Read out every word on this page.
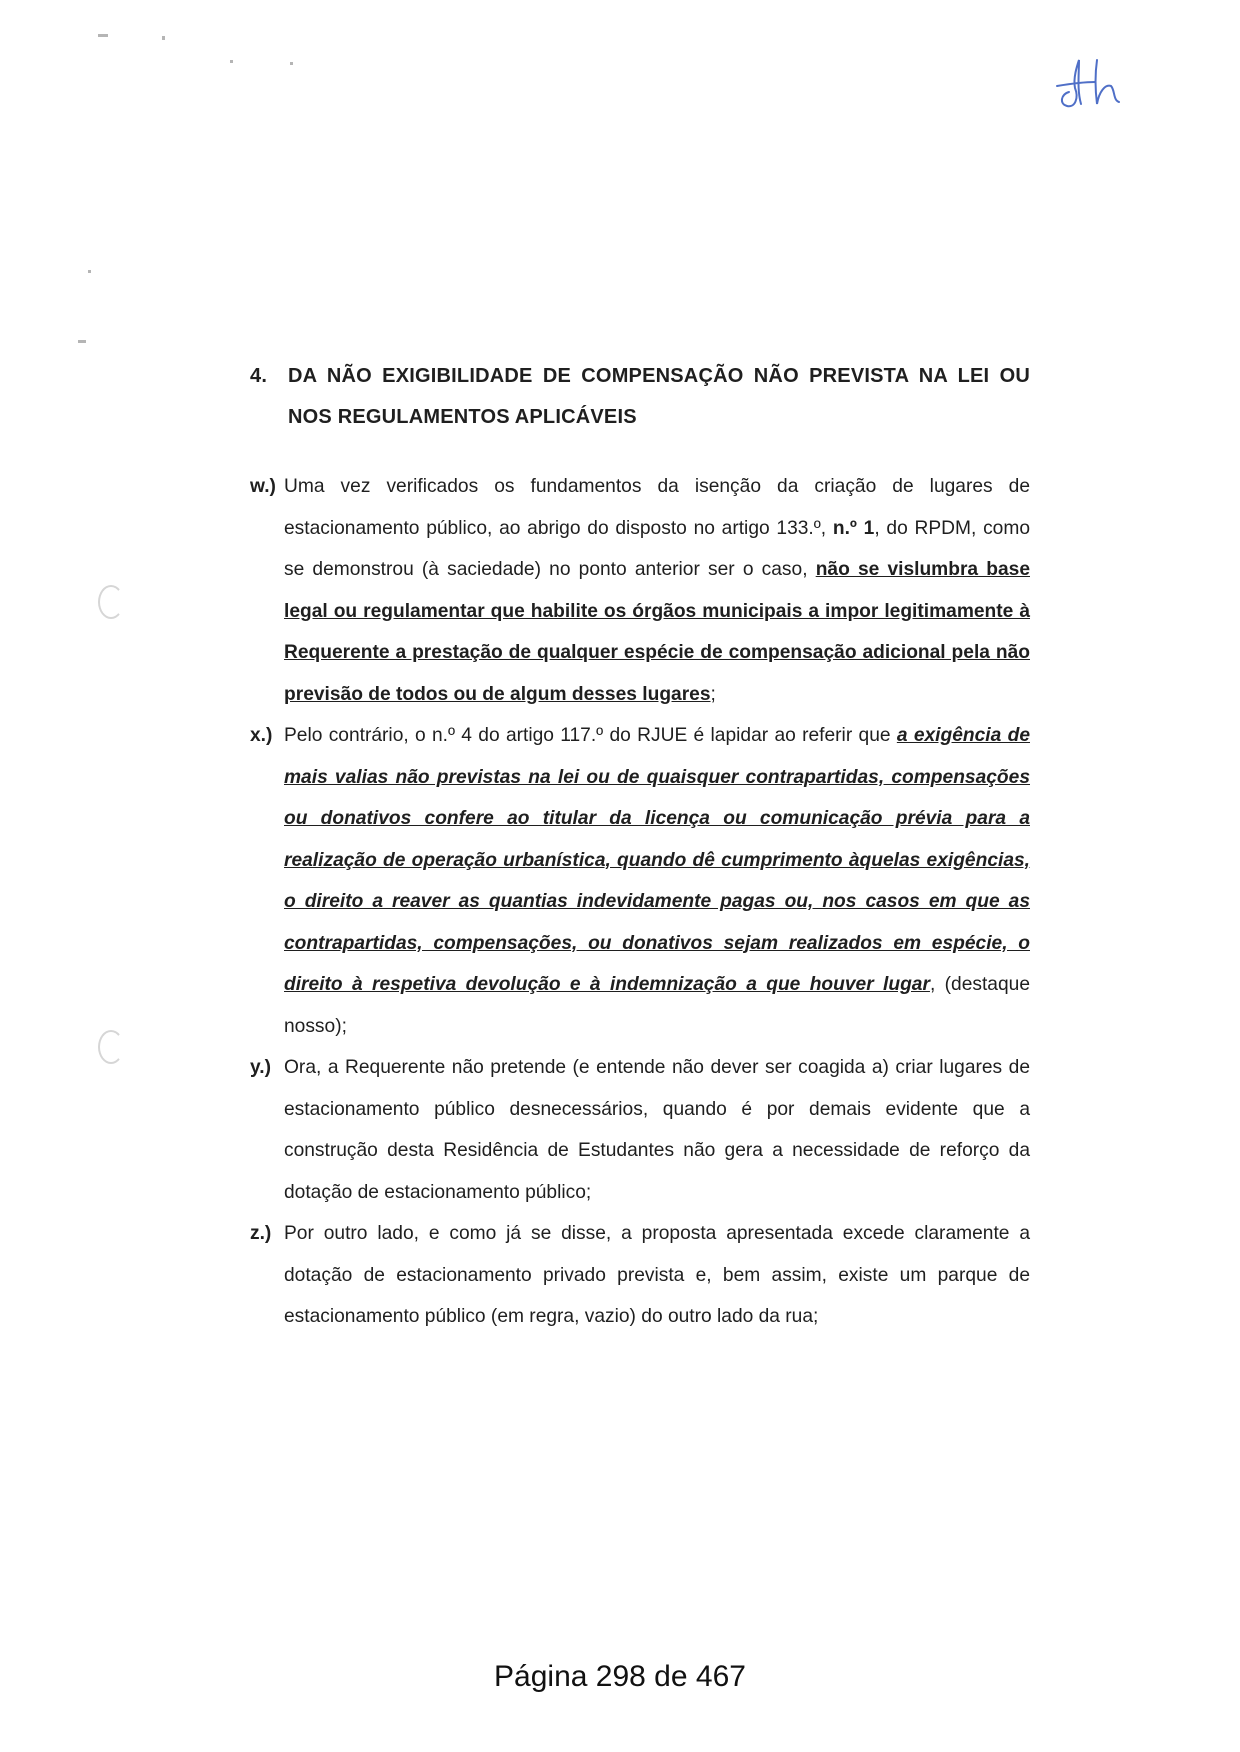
4.	DA NÃO EXIGIBILIDADE DE COMPENSAÇÃO NÃO PREVISTA NA LEI OU NOS REGULAMENTOS APLICÁVEIS
w.) Uma vez verificados os fundamentos da isenção da criação de lugares de estacionamento público, ao abrigo do disposto no artigo 133.º, n.º 1, do RPDM, como se demonstrou (à saciedade) no ponto anterior ser o caso, não se vislumbra base legal ou regulamentar que habilite os órgãos municipais a impor legitimamente à Requerente a prestação de qualquer espécie de compensação adicional pela não previsão de todos ou de algum desses lugares;
x.) Pelo contrário, o n.º 4 do artigo 117.º do RJUE é lapidar ao referir que a exigência de mais valias não previstas na lei ou de quaisquer contrapartidas, compensações ou donativos confere ao titular da licença ou comunicação prévia para a realização de operação urbanística, quando dê cumprimento àquelas exigências, o direito a reaver as quantias indevidamente pagas ou, nos casos em que as contrapartidas, compensações, ou donativos sejam realizados em espécie, o direito à respetiva devolução e à indemnização a que houver lugar, (destaque nosso);
y.) Ora, a Requerente não pretende (e entende não dever ser coagida a) criar lugares de estacionamento público desnecessários, quando é por demais evidente que a construção desta Residência de Estudantes não gera a necessidade de reforço da dotação de estacionamento público;
z.) Por outro lado, e como já se disse, a proposta apresentada excede claramente a dotação de estacionamento privado prevista e, bem assim, existe um parque de estacionamento público (em regra, vazio) do outro lado da rua;
Página 298 de 467
